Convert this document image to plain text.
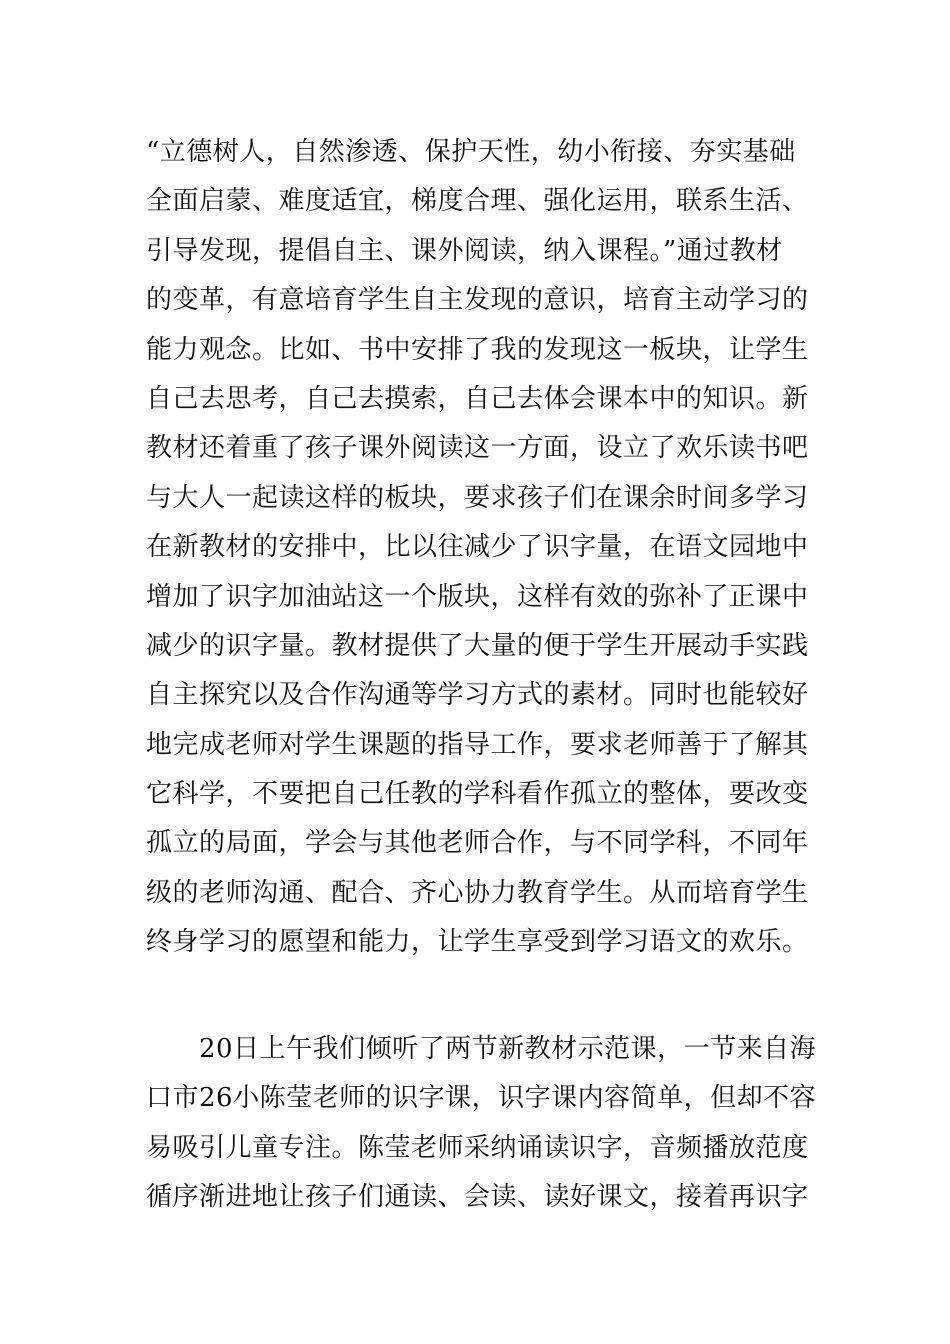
“立德树人，自然渗透、保护天性，幼小衔接、夯实基础
全面启蒙、难度适宜，梯度合理、强化运用，联系生活、
引导发现，提倡自主、课外阅读，纳入课程。”通过教材
的变革，有意培育学生自主发现的意识，培育主动学习的
能力观念。比如、书中安排了我的发现这一板块，让学生
自己去思考，自己去摸索，自己去体会课本中的知识。新
教材还着重了孩子课外阅读这一方面，设立了欢乐读书吧
与大人一起读这样的板块，要求孩子们在课余时间多学习
在新教材的安排中，比以往减少了识字量，在语文园地中
增加了识字加油站这一个版块，这样有效的弥补了正课中
减少的识字量。教材提供了大量的便于学生开展动手实践
自主探究以及合作沟通等学习方式的素材。同时也能较好
地完成老师对学生课题的指导工作，要求老师善于了解其
它科学，不要把自己任教的学科看作孤立的整体，要改变
孤立的局面，学会与其他老师合作，与不同学科，不同年
级的老师沟通、配合、齐心协力教育学生。从而培育学生
终身学习的愿望和能力，让学生享受到学习语文的欢乐。
　　20日上午我们倾听了两节新教材示范课，一节来自海
口市26小陈莹老师的识字课，识字课内容简单，但却不容
易吸引儿童专注。陈莹老师采纳诵读识字，音频播放范度
循序渐进地让孩子们通读、会读、读好课文，接着再识字
